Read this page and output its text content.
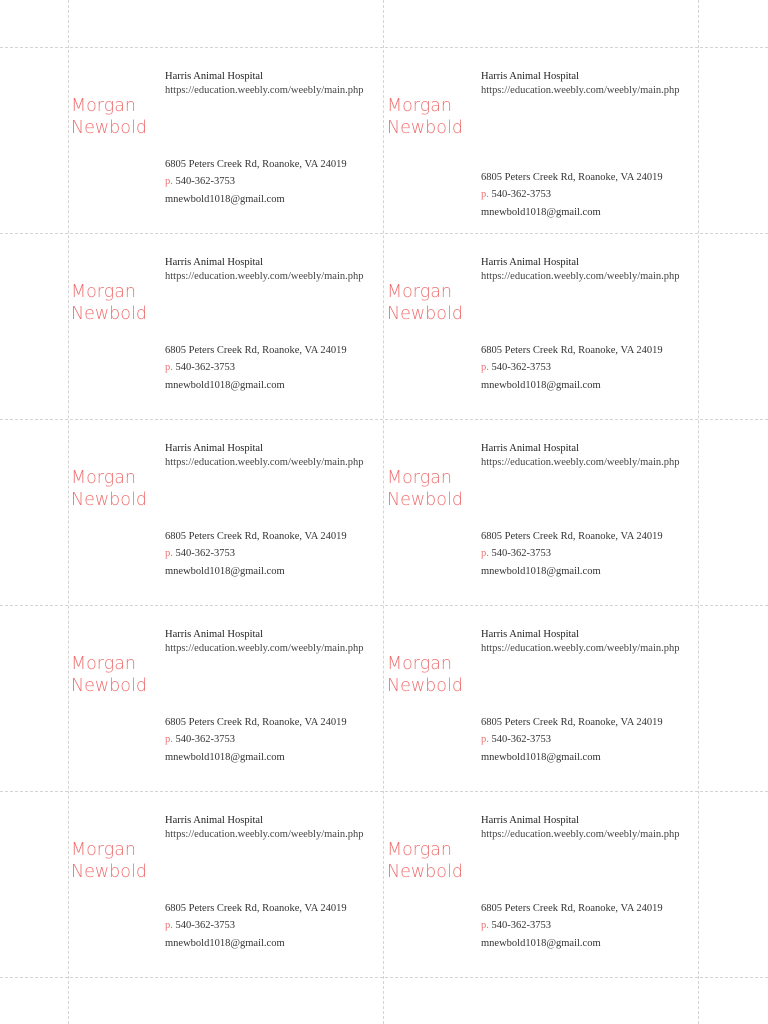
Morgan
Newbold
Harris Animal Hospital
https://education.weebly.com/weebly/main.php
6805 Peters Creek Rd, Roanoke, VA 24019
p. 540-362-3753
mnewbold1018@gmail.com
Morgan
Newbold
Harris Animal Hospital
https://education.weebly.com/weebly/main.php
6805 Peters Creek Rd, Roanoke, VA 24019
p. 540-362-3753
mnewbold1018@gmail.com
Morgan
Newbold
Harris Animal Hospital
https://education.weebly.com/weebly/main.php
6805 Peters Creek Rd, Roanoke, VA 24019
p. 540-362-3753
mnewbold1018@gmail.com
Morgan
Newbold
Harris Animal Hospital
https://education.weebly.com/weebly/main.php
6805 Peters Creek Rd, Roanoke, VA 24019
p. 540-362-3753
mnewbold1018@gmail.com
Morgan
Newbold
Harris Animal Hospital
https://education.weebly.com/weebly/main.php
6805 Peters Creek Rd, Roanoke, VA 24019
p. 540-362-3753
mnewbold1018@gmail.com
Morgan
Newbold
Harris Animal Hospital
https://education.weebly.com/weebly/main.php
6805 Peters Creek Rd, Roanoke, VA 24019
p. 540-362-3753
mnewbold1018@gmail.com
Morgan
Newbold
Harris Animal Hospital
https://education.weebly.com/weebly/main.php
6805 Peters Creek Rd, Roanoke, VA 24019
p. 540-362-3753
mnewbold1018@gmail.com
Morgan
Newbold
Harris Animal Hospital
https://education.weebly.com/weebly/main.php
6805 Peters Creek Rd, Roanoke, VA 24019
p. 540-362-3753
mnewbold1018@gmail.com
Morgan
Newbold
Harris Animal Hospital
https://education.weebly.com/weebly/main.php
6805 Peters Creek Rd, Roanoke, VA 24019
p. 540-362-3753
mnewbold1018@gmail.com
Morgan
Newbold
Harris Animal Hospital
https://education.weebly.com/weebly/main.php
6805 Peters Creek Rd, Roanoke, VA 24019
p. 540-362-3753
mnewbold1018@gmail.com
